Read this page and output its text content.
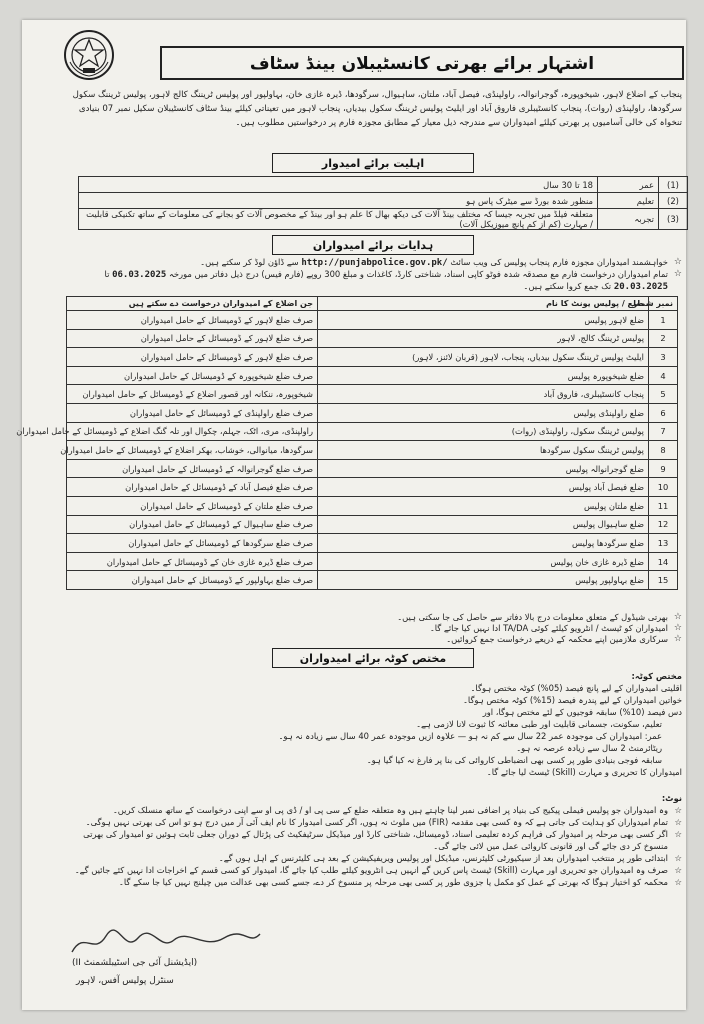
اشتہار برائے بھرتی کانسٹیبلان بینڈ سٹاف
پنجاب کے اضلاع لاہور، شیخوپورہ، گوجرانوالہ، راولپنڈی، فیصل آباد، ملتان، ساہیوال، سرگودھا، ڈیرہ غازی خان، بہاولپور اور پولیس ٹریننگ کالج لاہور، پولیس ٹریننگ سکول سرگودھا، راولپنڈی (روات)، پنجاب کانسٹیبلری فاروق آباد اور ایلیٹ پولیس ٹریننگ سکول بیدیاں، پنجاب لاہور میں تعیناتی کیلئے بینڈ سٹاف کانسٹیبلان سکیل نمبر 07 بنیادی تنخواہ کی خالی آسامیوں پر بھرتی کیلئے امیدواران سے مندرجہ ذیل معیار کے مطابق مجوزہ فارم پر درخواستیں مطلوب ہیں۔
اہلیت برائے امیدوار
(1)	عمر	18 تا 30 سال
(2)	تعلیم	منظور شدہ بورڈ سے میٹرک پاس ہو
(3)	تجربہ	متعلقہ فیلڈ میں تجربہ جیسا کہ مختلف بینڈ آلات کی دیکھ بھال کا علم ہو اور بینڈ کے مخصوص آلات کو بجانے کی معلومات کے ساتھ تکنیکی قابلیت / مہارت (کم از کم پانچ میوزیکل آلات)
ہدایات برائے امیدواران
☆ خواہشمند امیدواران مجوزہ فارم پنجاب پولیس کی ویب سائٹ http://punjabpolice.gov.pk/ سے ڈاؤن لوڈ کر سکتے ہیں۔
☆ تمام امیدواران درخواست فارم مع مصدقہ شدہ فوٹو کاپی اسناد، شناختی کارڈ، کاغذات و مبلغ 300 روپے (فارم فیس) درج ذیل دفاتر میں مورخہ 06.03.2025 تا 20.03.2025 تک جمع کروا سکتے ہیں۔
نمبر شمار	ضلع / پولیس یونٹ کا نام	جن اضلاع کے امیدواران درخواست دے سکتے ہیں
1	ضلع لاہور پولیس	صرف ضلع لاہور کے ڈومیسائل کے حامل امیدواران
2	پولیس ٹریننگ کالج، لاہور	صرف ضلع لاہور کے ڈومیسائل کے حامل امیدواران
3	ایلیٹ پولیس ٹریننگ سکول بیدیاں، پنجاب، لاہور (قربان لائنز، لاہور)	صرف ضلع لاہور کے ڈومیسائل کے حامل امیدواران
4	ضلع شیخوپورہ پولیس	صرف ضلع شیخوپورہ کے ڈومیسائل کے حامل امیدواران
5	پنجاب کانسٹیبلری، فاروق آباد	شیخوپورہ، ننکانہ اور قصور اضلاع کے ڈومیسائل کے حامل امیدواران
6	ضلع راولپنڈی پولیس	صرف ضلع راولپنڈی کے ڈومیسائل کے حامل امیدواران
7	پولیس ٹریننگ سکول، راولپنڈی (روات)	راولپنڈی، مری، اٹک، جہلم، چکوال اور تلہ گنگ اضلاع کے ڈومیسائل کے حامل امیدواران
8	پولیس ٹریننگ سکول سرگودھا	سرگودھا، میانوالی، خوشاب، بھکر اضلاع کے ڈومیسائل کے حامل امیدواران
9	ضلع گوجرانوالہ پولیس	صرف ضلع گوجرانوالہ کے ڈومیسائل کے حامل امیدواران
10	ضلع فیصل آباد پولیس	صرف ضلع فیصل آباد کے ڈومیسائل کے حامل امیدواران
11	ضلع ملتان پولیس	صرف ضلع ملتان کے ڈومیسائل کے حامل امیدواران
12	ضلع ساہیوال پولیس	صرف ضلع ساہیوال کے ڈومیسائل کے حامل امیدواران
13	ضلع سرگودھا پولیس	صرف ضلع سرگودھا کے ڈومیسائل کے حامل امیدواران
14	ضلع ڈیرہ غازی خان پولیس	صرف ضلع ڈیرہ غازی خان کے ڈومیسائل کے حامل امیدواران
15	ضلع بہاولپور پولیس	صرف ضلع بہاولپور کے ڈومیسائل کے حامل امیدواران
☆ بھرتی شیڈول کے متعلق معلومات درج بالا دفاتر سے حاصل کی جا سکتی ہیں۔
☆ امیدواران کو ٹیسٹ / انٹرویو کیلئے کوئی TA/DA ادا نہیں کیا جائے گا۔
☆ سرکاری ملازمین اپنے محکمہ کے ذریعے درخواست جمع کروائیں۔
مختص کوٹہ برائے امیدواران
مختص کوٹہ:
اقلیتی امیدواران کے لیے پانچ فیصد (05%) کوٹہ مختص ہوگا۔
خواتین امیدواران کے لیے پندرہ فیصد (15%) کوٹہ مختص ہوگا۔
دس فیصد (10%) سابقہ فوجیوں کے لئے مختص ہوگا، اور
تعلیم، سکونت، جسمانی قابلیت اور طبی معائنہ کا ثبوت لانا لازمی ہے۔
عمر: امیدواران کی موجودہ عمر 22 سال سے کم نہ ہو — علاوہ ازیں موجودہ عمر 40 سال سے زیادہ نہ ہو۔
ریٹائرمنٹ 2 سال سے زیادہ عرصہ نہ ہو۔
سابقہ فوجی بنیادی طور پر کسی بھی انضباطی کاروائی کی بنا پر فارغ نہ کیا گیا ہو۔
امیدواران کا تحریری و مہارت (Skill) ٹیسٹ لیا جائے گا۔
نوٹ:
☆
وہ امیدواران جو پولیس فیملی پیکیج کی بنیاد پر اضافی نمبر لینا چاہتے ہیں وہ متعلقہ ضلع کے سی پی او / ڈی پی او سے اپنی درخواست کے ساتھ منسلک کریں۔
☆
تمام امیدواران کو ہدایت کی جاتی ہے کہ وہ کسی بھی مقدمہ (FIR) میں ملوث نہ ہوں، اگر کسی امیدوار کا نام ایف آئی آر میں درج ہو تو اس کی بھرتی نہیں ہوگی۔
☆
اگر کسی بھی مرحلہ پر امیدوار کی فراہم کردہ تعلیمی اسناد، ڈومیسائل، شناختی کارڈ اور میڈیکل سرٹیفکیٹ کی پڑتال کے دوران جعلی ثابت ہوئیں تو امیدوار کی بھرتی منسوخ کر دی جائے گی اور قانونی کاروائی عمل میں لائی جائے گی۔
☆
ابتدائی طور پر منتخب امیدواران بعد از سیکیورٹی کلیئرنس، میڈیکل اور پولیس ویریفیکیشن کے بعد ہی کلیئرنس کے اہل ہوں گے۔
☆
صرف وہ امیدواران جو تحریری اور مہارت (Skill) ٹیسٹ پاس کریں گے انہیں ہی انٹرویو کیلئے طلب کیا جائے گا، امیدوار کو کسی قسم کے اخراجات ادا نہیں کئے جائیں گے۔
☆
محکمہ کو اختیار ہوگا کہ بھرتی کے عمل کو مکمل یا جزوی طور پر کسی بھی مرحلہ پر منسوخ کر دے، جسے کسی بھی عدالت میں چیلنج نہیں کیا جا سکے گا۔
(ایڈیشنل آئی جی اسٹیبلشمنٹ II)
سنٹرل پولیس آفس، لاہور
